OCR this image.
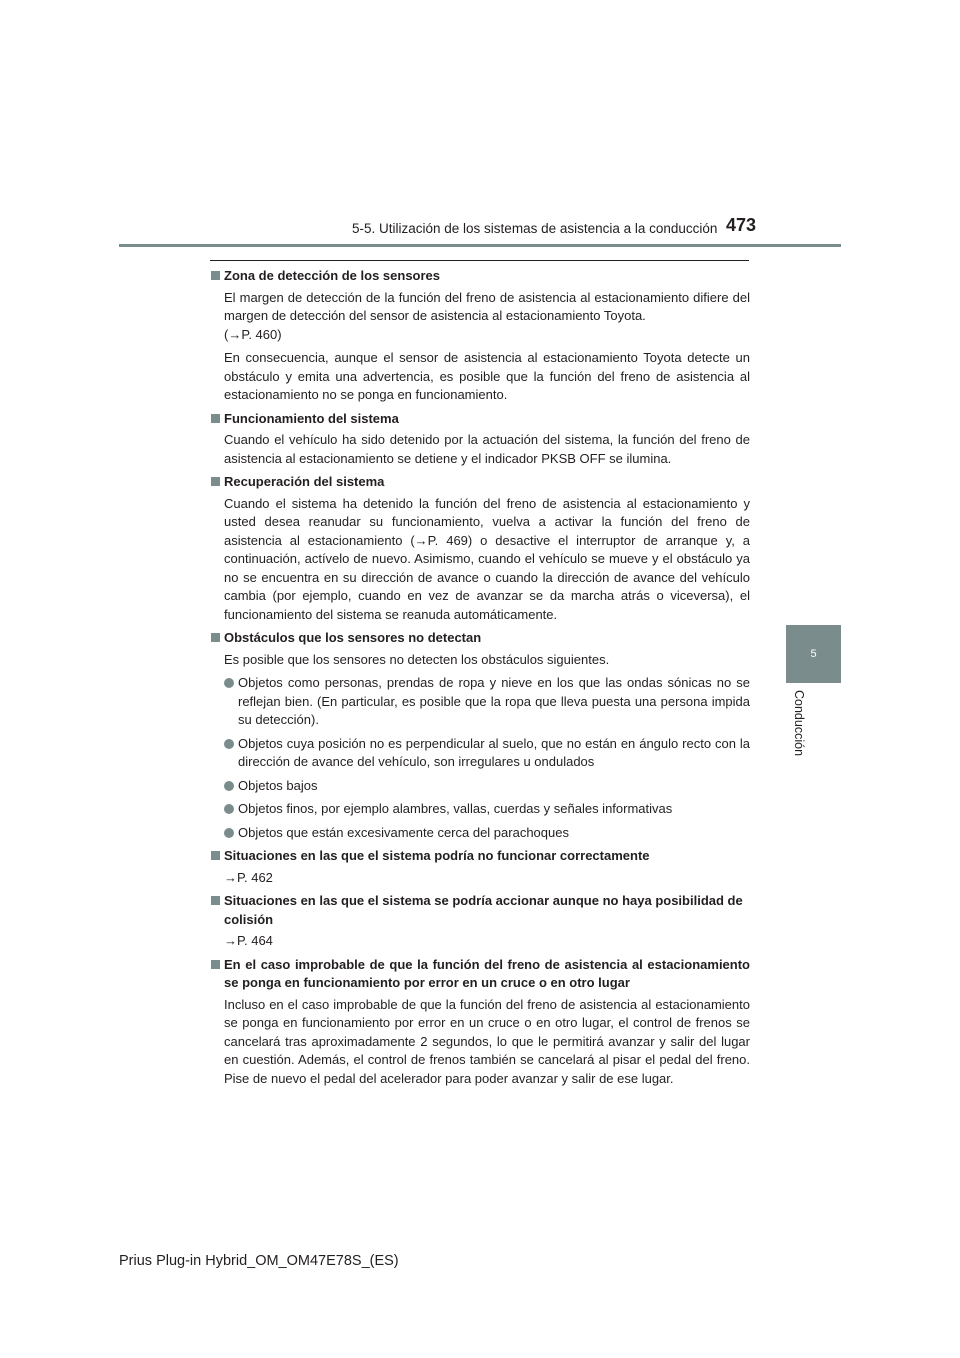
5-5. Utilización de los sistemas de asistencia a la conducción 473
5
Conducción
Zona de detección de los sensores

El margen de detección de la función del freno de asistencia al estacionamiento difiere del margen de detección del sensor de asistencia al estacionamiento Toyota.

(→P. 460)

En consecuencia, aunque el sensor de asistencia al estacionamiento Toyota detecte un obstáculo y emita una advertencia, es posible que la función del freno de asistencia al estacionamiento no se ponga en funcionamiento.

Funcionamiento del sistema

Cuando el vehículo ha sido detenido por la actuación del sistema, la función del freno de asistencia al estacionamiento se detiene y el indicador PKSB OFF se ilumina.

Recuperación del sistema

Cuando el sistema ha detenido la función del freno de asistencia al estacionamiento y usted desea reanudar su funcionamiento, vuelva a activar la función del freno de asistencia al estacionamiento (→P. 469) o desactive el interruptor de arranque y, a continuación, actívelo de nuevo. Asimismo, cuando el vehículo se mueve y el obstáculo ya no se encuentra en su dirección de avance o cuando la dirección de avance del vehículo cambia (por ejemplo, cuando en vez de avanzar se da marcha atrás o viceversa), el funcionamiento del sistema se reanuda automáticamente.

Obstáculos que los sensores no detectan

Es posible que los sensores no detecten los obstáculos siguientes.

Objetos como personas, prendas de ropa y nieve en los que las ondas sónicas no se reflejan bien. (En particular, es posible que la ropa que lleva puesta una persona impida su detección).
Objetos cuya posición no es perpendicular al suelo, que no están en ángulo recto con la dirección de avance del vehículo, son irregulares u ondulados
Objetos bajos
Objetos finos, por ejemplo alambres, vallas, cuerdas y señales informativas
Objetos que están excesivamente cerca del parachoques
Situaciones en las que el sistema podría no funcionar correctamente

→P. 462

Situaciones en las que el sistema se podría accionar aunque no haya posibilidad de colisión

→P. 464

En el caso improbable de que la función del freno de asistencia al estacionamiento se ponga en funcionamiento por error en un cruce o en otro lugar

Incluso en el caso improbable de que la función del freno de asistencia al estacionamiento se ponga en funcionamiento por error en un cruce o en otro lugar, el control de frenos se cancelará tras aproximadamente 2 segundos, lo que le permitirá avanzar y salir del lugar en cuestión. Además, el control de frenos también se cancelará al pisar el pedal del freno. Pise de nuevo el pedal del acelerador para poder avanzar y salir de ese lugar.

Prius Plug-in Hybrid_OM_OM47E78S_(ES)
